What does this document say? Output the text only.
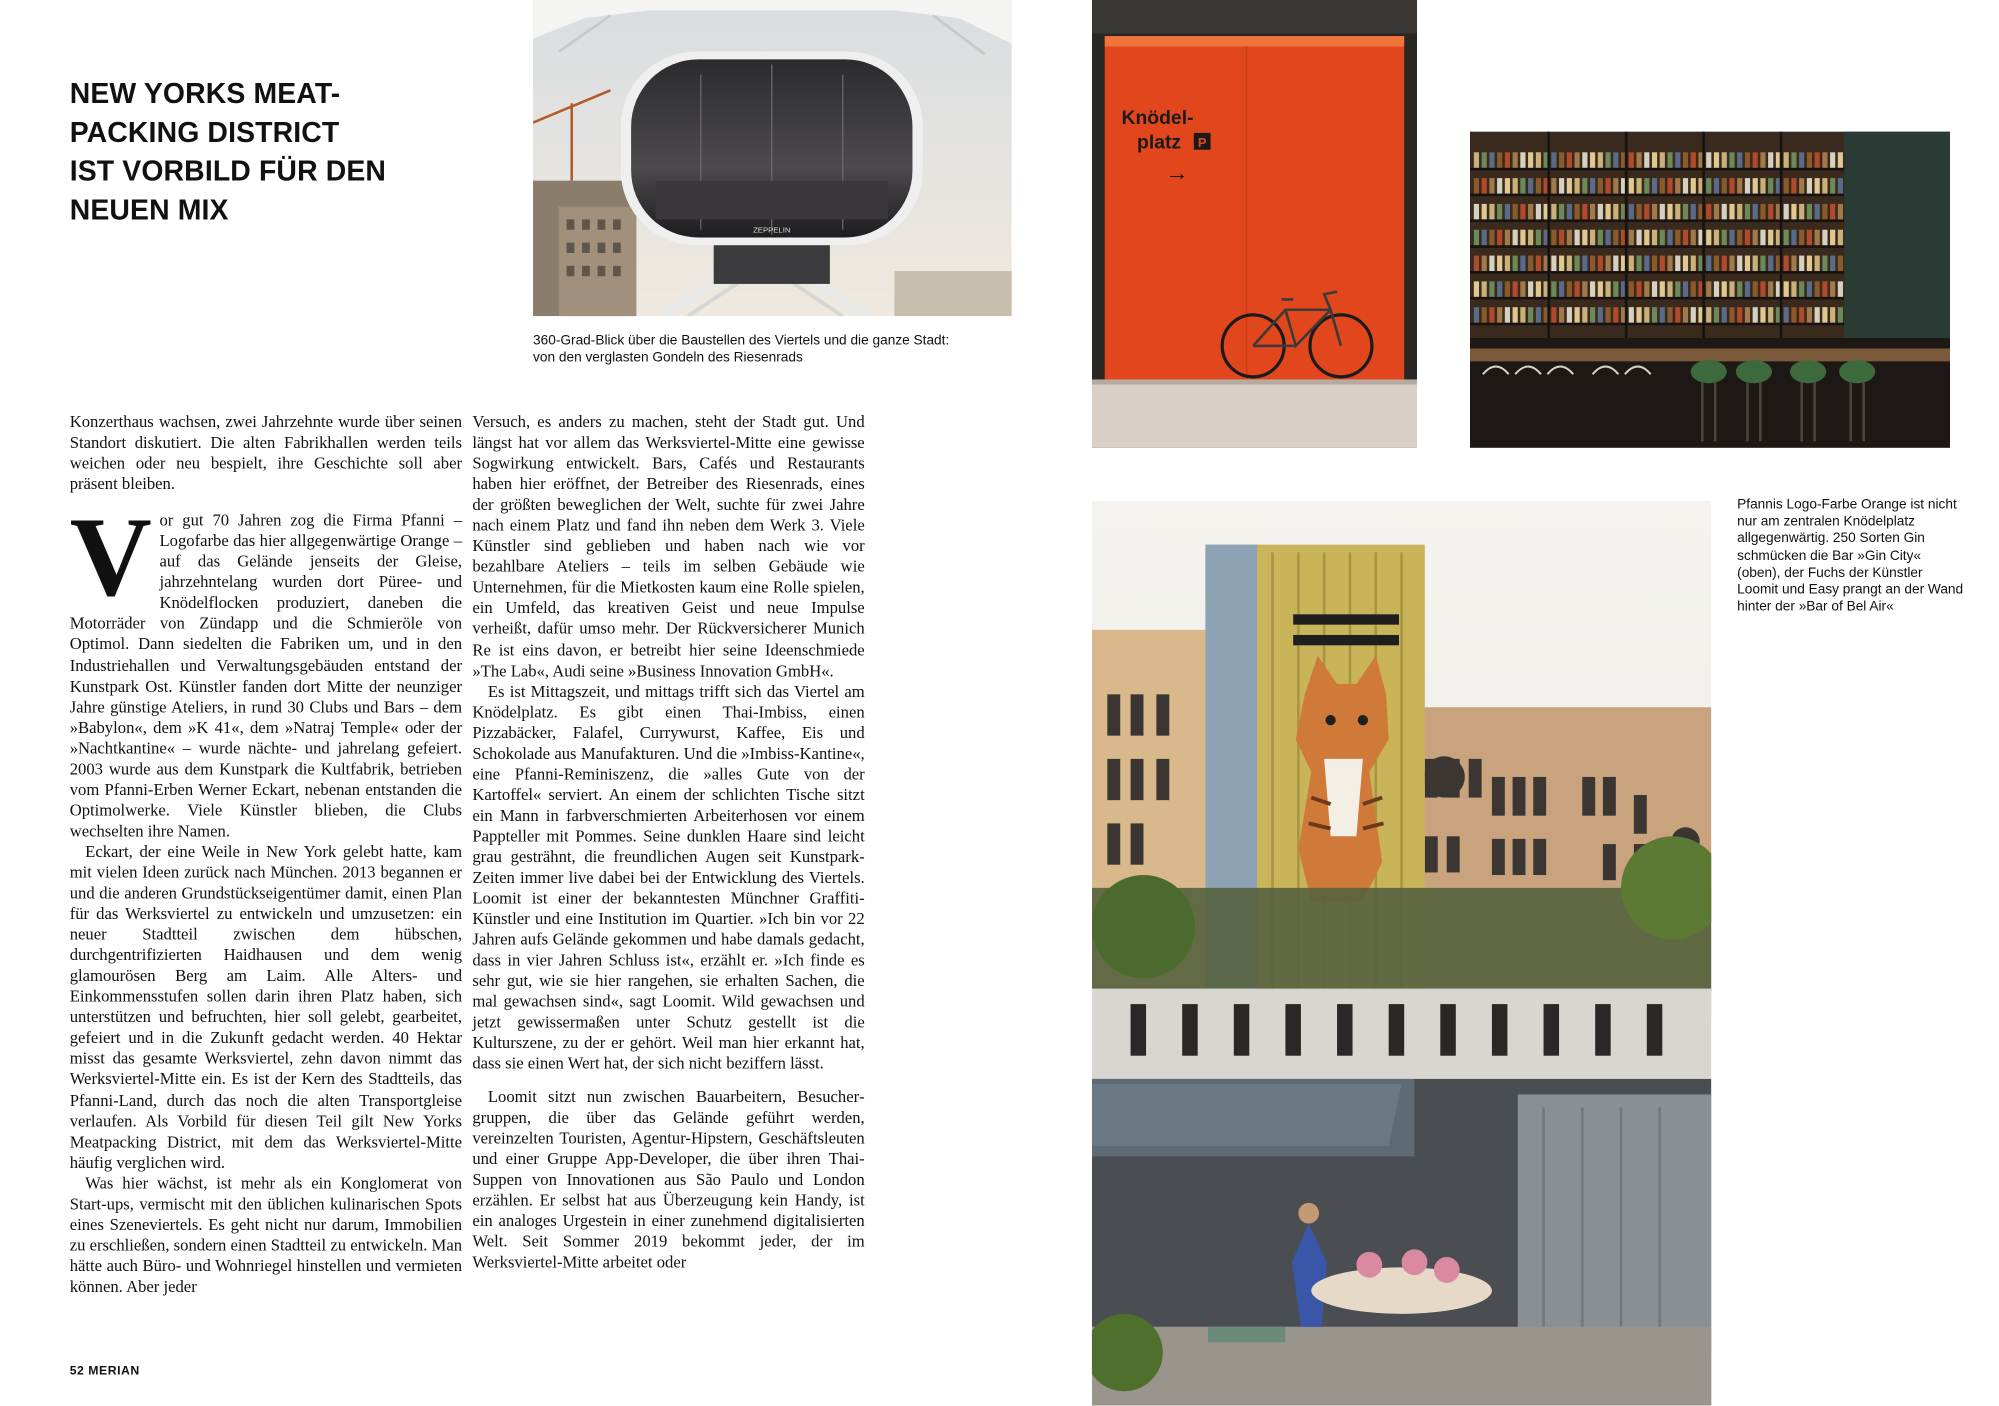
NEW YORKS MEAT-
PACKING DISTRICT
IST VORBILD FÜR DEN
NEUEN MIX
ZEPPELIN
360-Grad-Blick über die Baustellen des Viertels und die ganze Stadt: von den verglasten Gondeln des Riesenrads
Knödel-
platz P
→
Pfannis Logo-Farbe Orange ist nicht nur am zentralen Knödelplatz allgegenwärtig. 250 Sorten Gin schmücken die Bar »Gin City« (oben), der Fuchs der Künstler Loomit und Easy prangt an der Wand hinter der »Bar of Bel Air«

Konzerthaus wachsen, zwei Jahrzehnte wurde über seinen Standort diskutiert. Die alten Fabrikhallen werden teils weichen oder neu bespielt, ihre Geschichte soll aber präsent bleiben.

Vor gut 70 Jahren zog die Firma Pfanni – Logofarbe das hier allgegenwärtige Orange – auf das Gelände jenseits der Gleise, jahrzehntelang wurden dort Püree- und Knödelflocken produziert, daneben die Motorräder von Zündapp und die Schmieröle von Optimol. Dann siedelten die Fabriken um, und in den Industriehallen und Verwaltungsgebäuden entstand der Kunstpark Ost. Künstler fanden dort Mitte der neunziger Jahre günstige Ateliers, in rund 30 Clubs und Bars – dem »Babylon«, dem »K 41«, dem »Natraj Temple« oder der »Nachtkantine« – wurde nächte- und jahrelang gefeiert. 2003 wurde aus dem Kunstpark die Kultfabrik, betrieben vom Pfanni-Erben Werner Eckart, nebenan entstanden die Optimolwerke. Viele Künstler blieben, die Clubs wechselten ihre Namen.

Eckart, der eine Weile in New York gelebt hatte, kam mit vielen Ideen zurück nach München. 2013 begannen er und die anderen Grundstückseigentümer damit, einen Plan für das Werksviertel zu entwickeln und umzusetzen: ein neuer Stadtteil zwischen dem hübschen, durchgentrifizierten Haidhausen und dem wenig glamourösen Berg am Laim. Alle Alters- und Einkommensstufen sollen darin ihren Platz haben, sich unterstützen und befruchten, hier soll gelebt, gearbeitet, gefeiert und in die Zukunft gedacht werden. 40 Hektar misst das gesamte Werksviertel, zehn davon nimmt das Werksviertel-Mitte ein. Es ist der Kern des Stadtteils, das Pfanni-Land, durch das noch die alten Transportgleise verlaufen. Als Vorbild für diesen Teil gilt New Yorks Meatpacking District, mit dem das Werksviertel-Mitte häufig verglichen wird.

Was hier wächst, ist mehr als ein Konglomerat von Start-ups, vermischt mit den üblichen kulinarischen Spots eines Szeneviertels. Es geht nicht nur darum, Immobilien zu erschließen, sondern einen Stadtteil zu entwickeln. Man hätte auch Büro- und Wohnriegel hinstellen und vermieten können. Aber jeder

Versuch, es anders zu machen, steht der Stadt gut. Und längst hat vor allem das Werksviertel-Mitte eine gewisse Sogwirkung entwickelt. Bars, Cafés und Restaurants haben hier eröffnet, der Betreiber des Riesenrads, eines der größten beweglichen der Welt, suchte für zwei Jahre nach einem Platz und fand ihn neben dem Werk 3. Viele Künstler sind geblieben und haben nach wie vor bezahlbare Ateliers – teils im selben Gebäude wie Unternehmen, für die Mietkosten kaum eine Rolle spielen, ein Umfeld, das kreativen Geist und neue Impulse verheißt, dafür umso mehr. Der Rückversicherer Munich Re ist eins davon, er betreibt hier seine Ideenschmiede »The Lab«, Audi seine »Business Innovation GmbH«.

Es ist Mittagszeit, und mittags trifft sich das Viertel am Knödelplatz. Es gibt einen Thai-Imbiss, einen Pizzabäcker, Falafel, Currywurst, Kaffee, Eis und Schokolade aus Manufakturen. Und die »Imbiss-Kantine«, eine Pfanni-Reminiszenz, die »alles Gute von der Kartoffel« serviert. An einem der schlichten Tische sitzt ein Mann in farbverschmierten Arbeiterhosen vor einem Pappteller mit Pommes. Seine dunklen Haare sind leicht grau gesträhnt, die freundlichen Augen seit Kunstpark-Zeiten immer live dabei bei der Entwicklung des Viertels. Loomit ist einer der bekanntesten Münchner Graffiti-Künstler und eine Institution im Quartier. »Ich bin vor 22 Jahren aufs Gelände gekommen und habe damals gedacht, dass in vier Jahren Schluss ist«, erzählt er. »Ich finde es sehr gut, wie sie hier rangehen, sie erhalten Sachen, die mal gewachsen sind«, sagt Loomit. Wild gewachsen und jetzt gewissermaßen unter Schutz gestellt ist die Kulturszene, zu der er gehört. Weil man hier erkannt hat, dass sie einen Wert hat, der sich nicht beziffern lässt.

Loomit sitzt nun zwischen Bauarbeitern, Besuchergruppen, die über das Gelände geführt werden, vereinzelten Touristen, Agentur-Hipstern, Geschäftsleuten und einer Gruppe App-Developer, die über ihren Thai-Suppen von Innovationen aus São Paulo und London erzählen. Er selbst hat aus Überzeugung kein Handy, ist ein analoges Urgestein in einer zunehmend digitalisierten Welt. Seit Sommer 2019 bekommt jeder, der im Werksviertel-Mitte arbeitet oder

52 MERIAN
